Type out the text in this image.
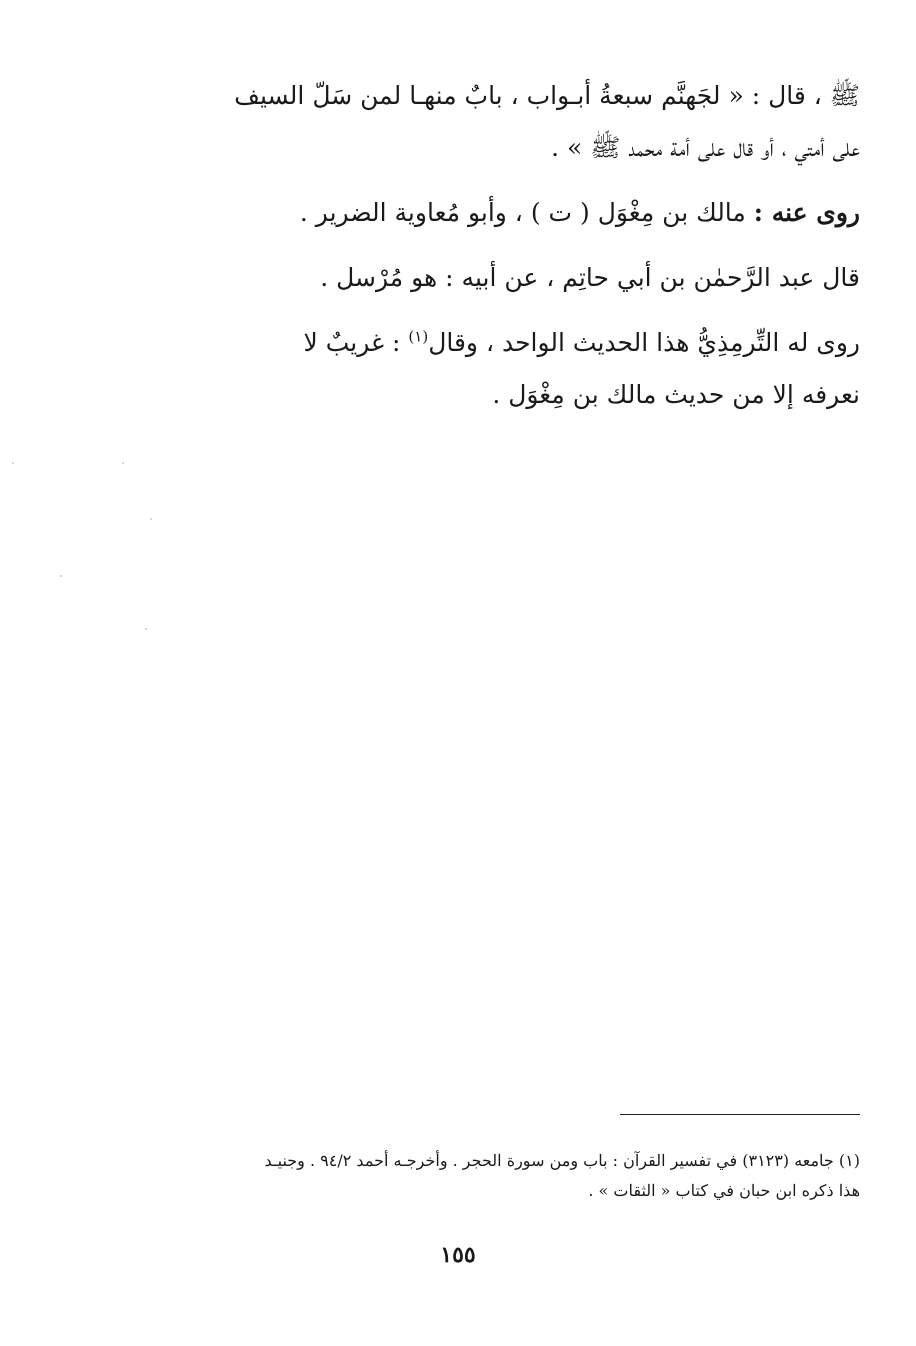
ﷺ ، قال : « لجَهنَّم سبعةُ أبـواب ، بابٌ منهـا لمن سَلّ السيف
على أمتي ، أو قال على أمة محمد ﷺ » .

روى عنه : مالك بن مِغْوَل ( ت ) ، وأبو مُعاوية الضرير .

قال عبد الرَّحمٰن بن أبي حاتِم ، عن أبيه : هو مُرْسل .

روى له التِّرمِذِيُّ هذا الحديث الواحد ، وقال$^{(١)}$ : غريبٌ لا
نعرفه إلا من حديث مالك بن مِغْوَل .

(١) جامعه (٣١٢٣) في تفسير القرآن : باب ومن سورة الحجر . وأخرجـه أحمد ٩٤/٢ . وجنيـد
هذا ذكره ابن حبان في كتاب « الثقات » .
١٥٥
